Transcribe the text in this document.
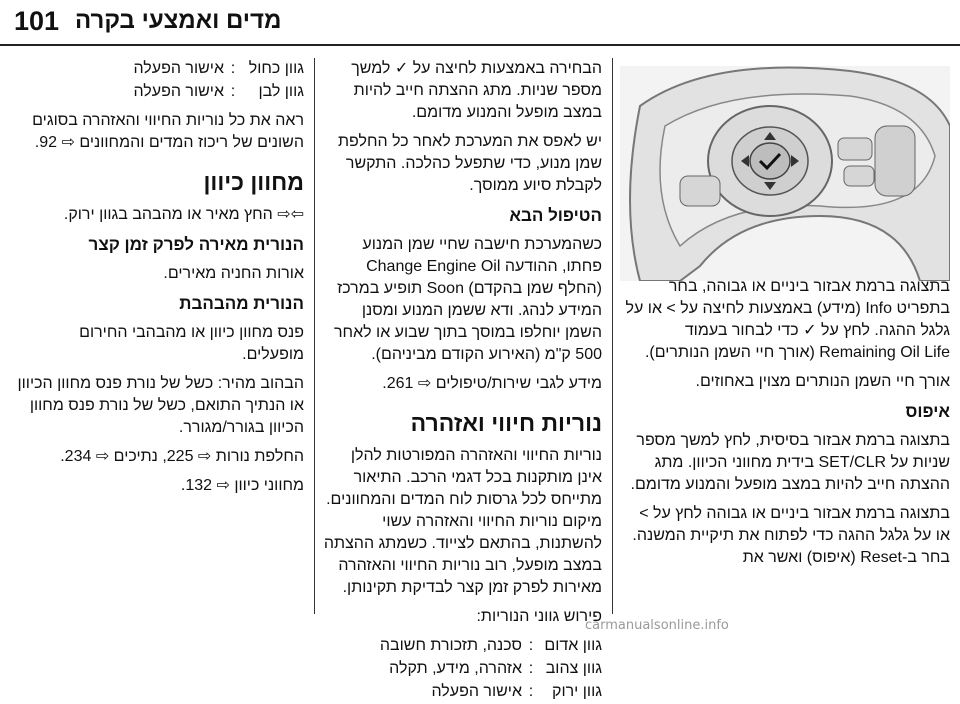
101 מדים ואמצעי בקרה

בתצוגה ברמת אבזור ביניים או גבוהה, בחר בתפריט Info (מידע) באמצעות לחיצה על > או על גלגל ההגה. לחץ על ✓ כדי לבחור בעמוד Remaining Oil Life (אורך חיי השמן הנותרים).

אורך חיי השמן הנותרים מצוין באחוזים.

איפוס

בתצוגה ברמת אבזור בסיסית, לחץ למשך מספר שניות על SET/CLR בידית מחווני הכיוון. מתג ההצתה חייב להיות במצב מופעל והמנוע מדומם.

בתצוגה ברמת אבזור ביניים או גבוהה לחץ על > או על גלגל ההגה כדי לפתוח את תיקיית המשנה. בחר ב-Reset (איפוס) ואשר את

הבחירה באמצעות לחיצה על ✓ למשך מספר שניות. מתג ההצתה חייב להיות במצב מופעל והמנוע מדומם.

יש לאפס את המערכת לאחר כל החלפת שמן מנוע, כדי שתפעל כהלכה. התקשר לקבלת סיוע ממוסך.

הטיפול הבא

כשהמערכת חישבה שחיי שמן המנוע פחתו, ההודעה Change Engine Oil (החלף שמן בהקדם) Soon תופיע במרכז המידע לנהג. ודא ששמן המנוע ומסנן השמן יוחלפו במוסך בתוך שבוע או לאחר 500 ק"מ (האירוע הקודם מביניהם).

מידע לגבי שירות/טיפולים ⇨ 261.

נוריות חיווי ואזהרה

נוריות החיווי והאזהרה המפורטות להלן אינן מותקנות בכל דגמי הרכב. התיאור מתייחס לכל גרסות לוח המדים והמחוונים. מיקום נוריות החיווי והאזהרה עשוי להשתנות, בהתאם לצייוד. כשמתג ההצתה במצב מופעל, רוב נוריות החיווי והאזהרה מאירות לפרק זמן קצר לבדיקת תקינותן.

פירוש גווני הנוריות:

גוון אדום	:	סכנה, תזכורת חשובה
גוון צהוב	:	אזהרה, מידע, תקלה
גוון ירוק	:	אישור הפעלה
גוון כחול	:	אישור הפעלה
גוון לבן	:	אישור הפעלה

ראה את כל נוריות החיווי והאזהרה בסוגים השונים של ריכוז המדים והמחוונים ⇨ 92.

מחוון כיוון

⇦⇨ החץ מאיר או מהבהב בגוון ירוק.

הנורית מאירה לפרק זמן קצר

אורות החניה מאירים.

הנורית מהבהבת

פנס מחוון כיוון או מהבהבי החירום מופעלים.

הבהוב מהיר: כשל של נורת פנס מחוון הכיוון או הנתיך התואם, כשל של נורת פנס מחוון הכיוון בגורר/מגורר.

החלפת נורות ⇨ 225, נתיכים ⇨ 234.

מחווני כיוון ⇨ 132.

carmanualsonline.info
